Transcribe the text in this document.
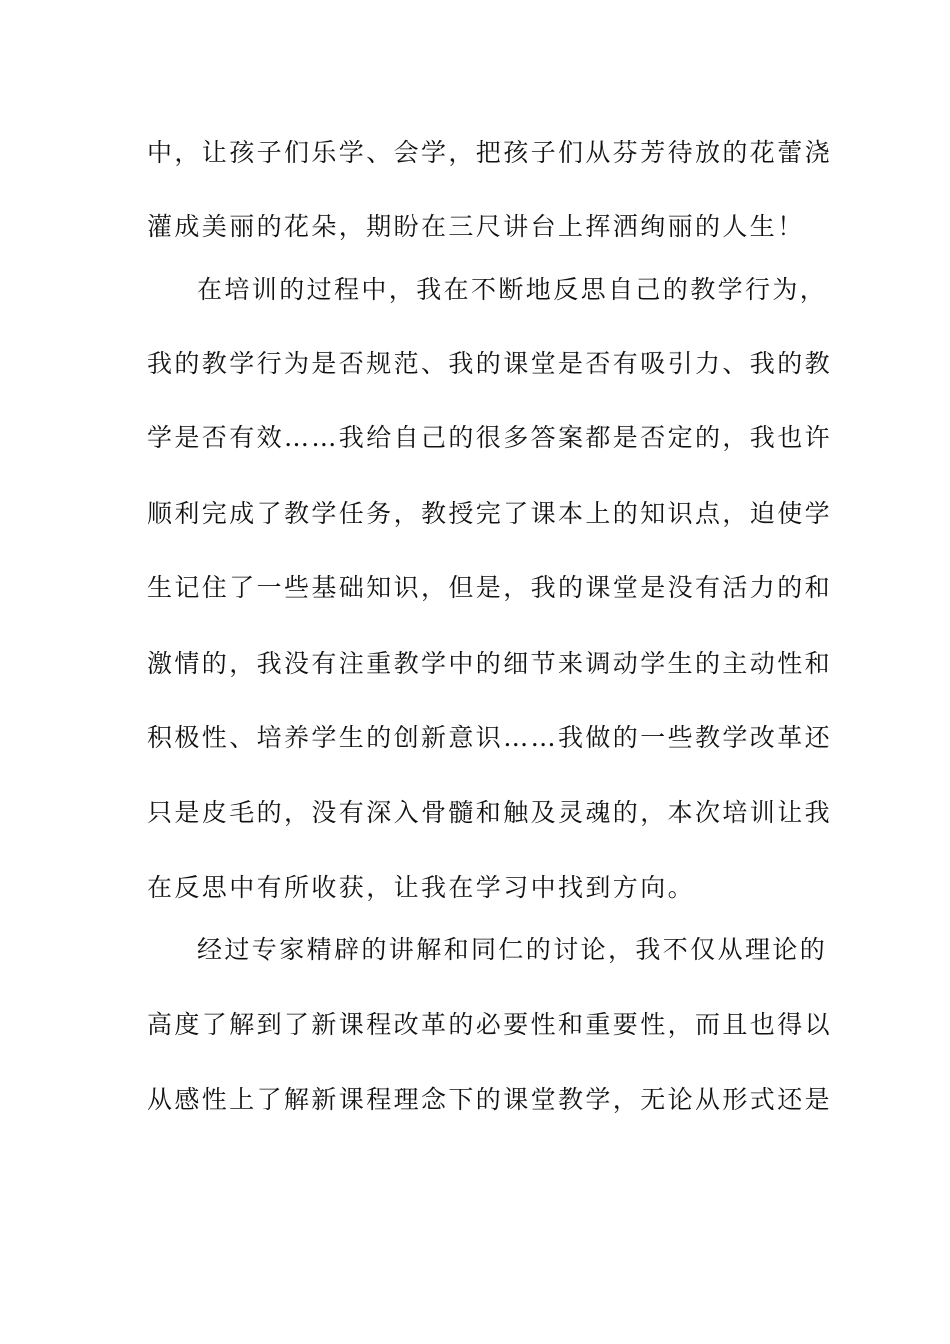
中，让孩子们乐学、会学，把孩子们从芬芳待放的花蕾浇
灌成美丽的花朵，期盼在三尺讲台上挥洒绚丽的人生！
在培训的过程中，我在不断地反思自己的教学行为，
我的教学行为是否规范、我的课堂是否有吸引力、我的教
学是否有效……我给自己的很多答案都是否定的，我也许
顺利完成了教学任务，教授完了课本上的知识点，迫使学
生记住了一些基础知识，但是，我的课堂是没有活力的和
激情的，我没有注重教学中的细节来调动学生的主动性和
积极性、培养学生的创新意识……我做的一些教学改革还
只是皮毛的，没有深入骨髓和触及灵魂的，本次培训让我
在反思中有所收获，让我在学习中找到方向。
经过专家精辟的讲解和同仁的讨论，我不仅从理论的
高度了解到了新课程改革的必要性和重要性，而且也得以
从感性上了解新课程理念下的课堂教学，无论从形式还是
